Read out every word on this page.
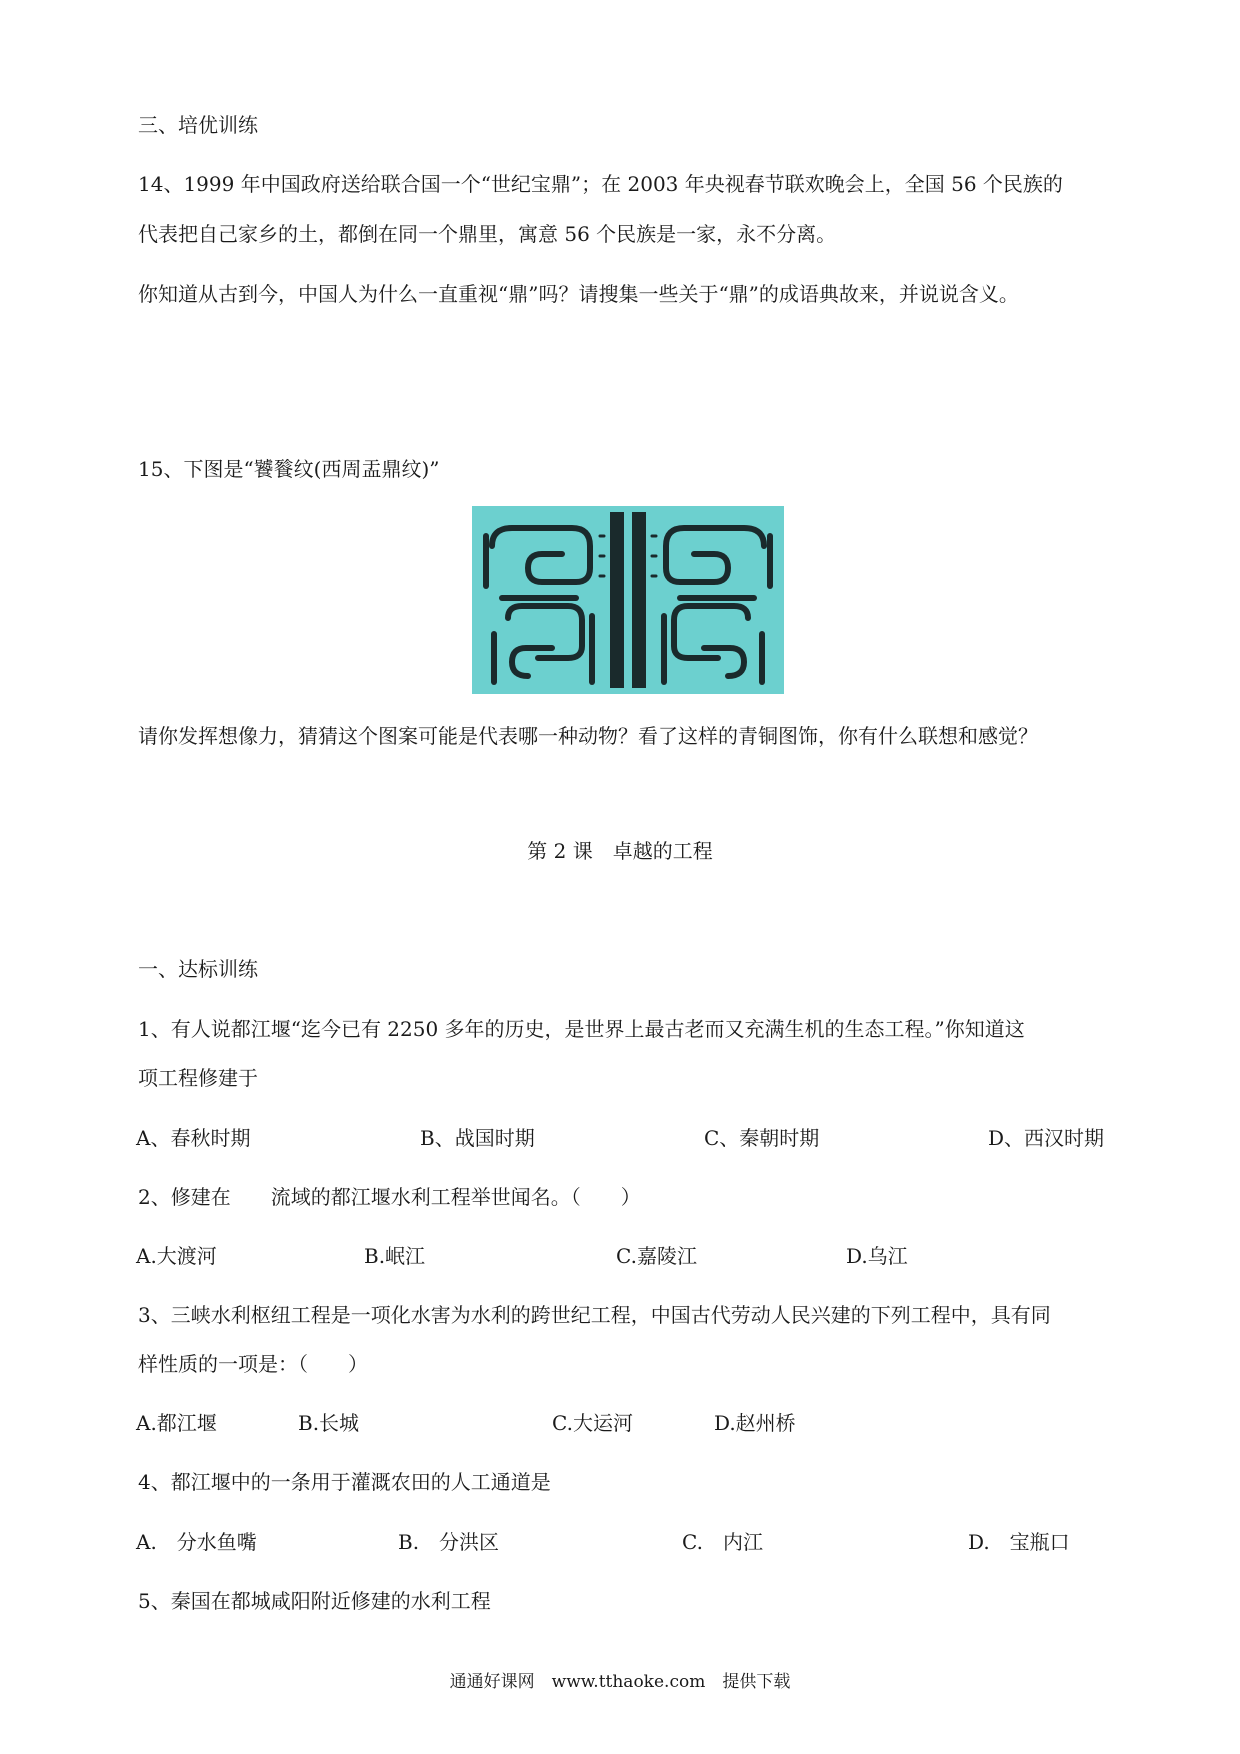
三、培优训练
14、1999 年中国政府送给联合国一个“世纪宝鼎”；在 2003 年央视春节联欢晚会上，全国 56 个民族的
代表把自己家乡的土，都倒在同一个鼎里，寓意 56 个民族是一家，永不分离。
你知道从古到今，中国人为什么一直重视“鼎”吗？请搜集一些关于“鼎”的成语典故来，并说说含义。
15、下图是“饕餮纹(西周盂鼎纹)”
请你发挥想像力，猜猜这个图案可能是代表哪一种动物？看了这样的青铜图饰，你有什么联想和感觉？
第 2 课　卓越的工程
一、达标训练
1、有人说都江堰“迄今已有 2250 多年的历史，是世界上最古老而又充满生机的生态工程。”你知道这
项工程修建于
A、春秋时期	B、战国时期	C、秦朝时期	D、西汉时期
2、修建在　　流域的都江堰水利工程举世闻名。（　　）
A.大渡河	B.岷江	C.嘉陵江	D.乌江
3、三峡水利枢纽工程是一项化水害为水利的跨世纪工程，中国古代劳动人民兴建的下列工程中，具有同
样性质的一项是：（　　）
A.都江堰	B.长城	C.大运河	D.赵州桥
4、都江堰中的一条用于灌溉农田的人工通道是
A.　分水鱼嘴	B.　分洪区	C.　内江	D.　宝瓶口
5、秦国在都城咸阳附近修建的水利工程
通通好课网　www.tthaoke.com　提供下载
